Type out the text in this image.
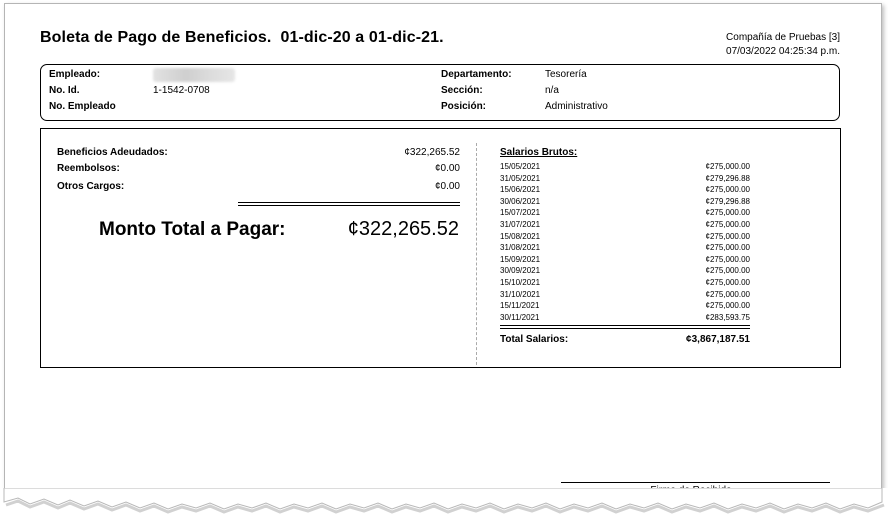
Boleta de Pago de Beneficios.  01-dic-20 a 01-dic-21.	Compañía de Pruebas [3]
07/03/2022 04:25:34 p.m.
Empleado:
No. Id.	1-1542-0708
No. Empleado
Departamento:	Tesorería
Sección:	n/a
Posición:	Administrativo
Beneficios Adeudados:	¢322,265.52
Reembolsos:	¢0.00
Otros Cargos:	¢0.00
Monto Total a Pagar:	¢322,265.52
Salarios Brutos:
15/05/2021	¢275,000.00
31/05/2021	¢279,296.88
15/06/2021	¢275,000.00
30/06/2021	¢279,296.88
15/07/2021	¢275,000.00
31/07/2021	¢275,000.00
15/08/2021	¢275,000.00
31/08/2021	¢275,000.00
15/09/2021	¢275,000.00
30/09/2021	¢275,000.00
15/10/2021	¢275,000.00
31/10/2021	¢275,000.00
15/11/2021	¢275,000.00
30/11/2021	¢283,593.75
Total Salarios:	¢3,867,187.51
